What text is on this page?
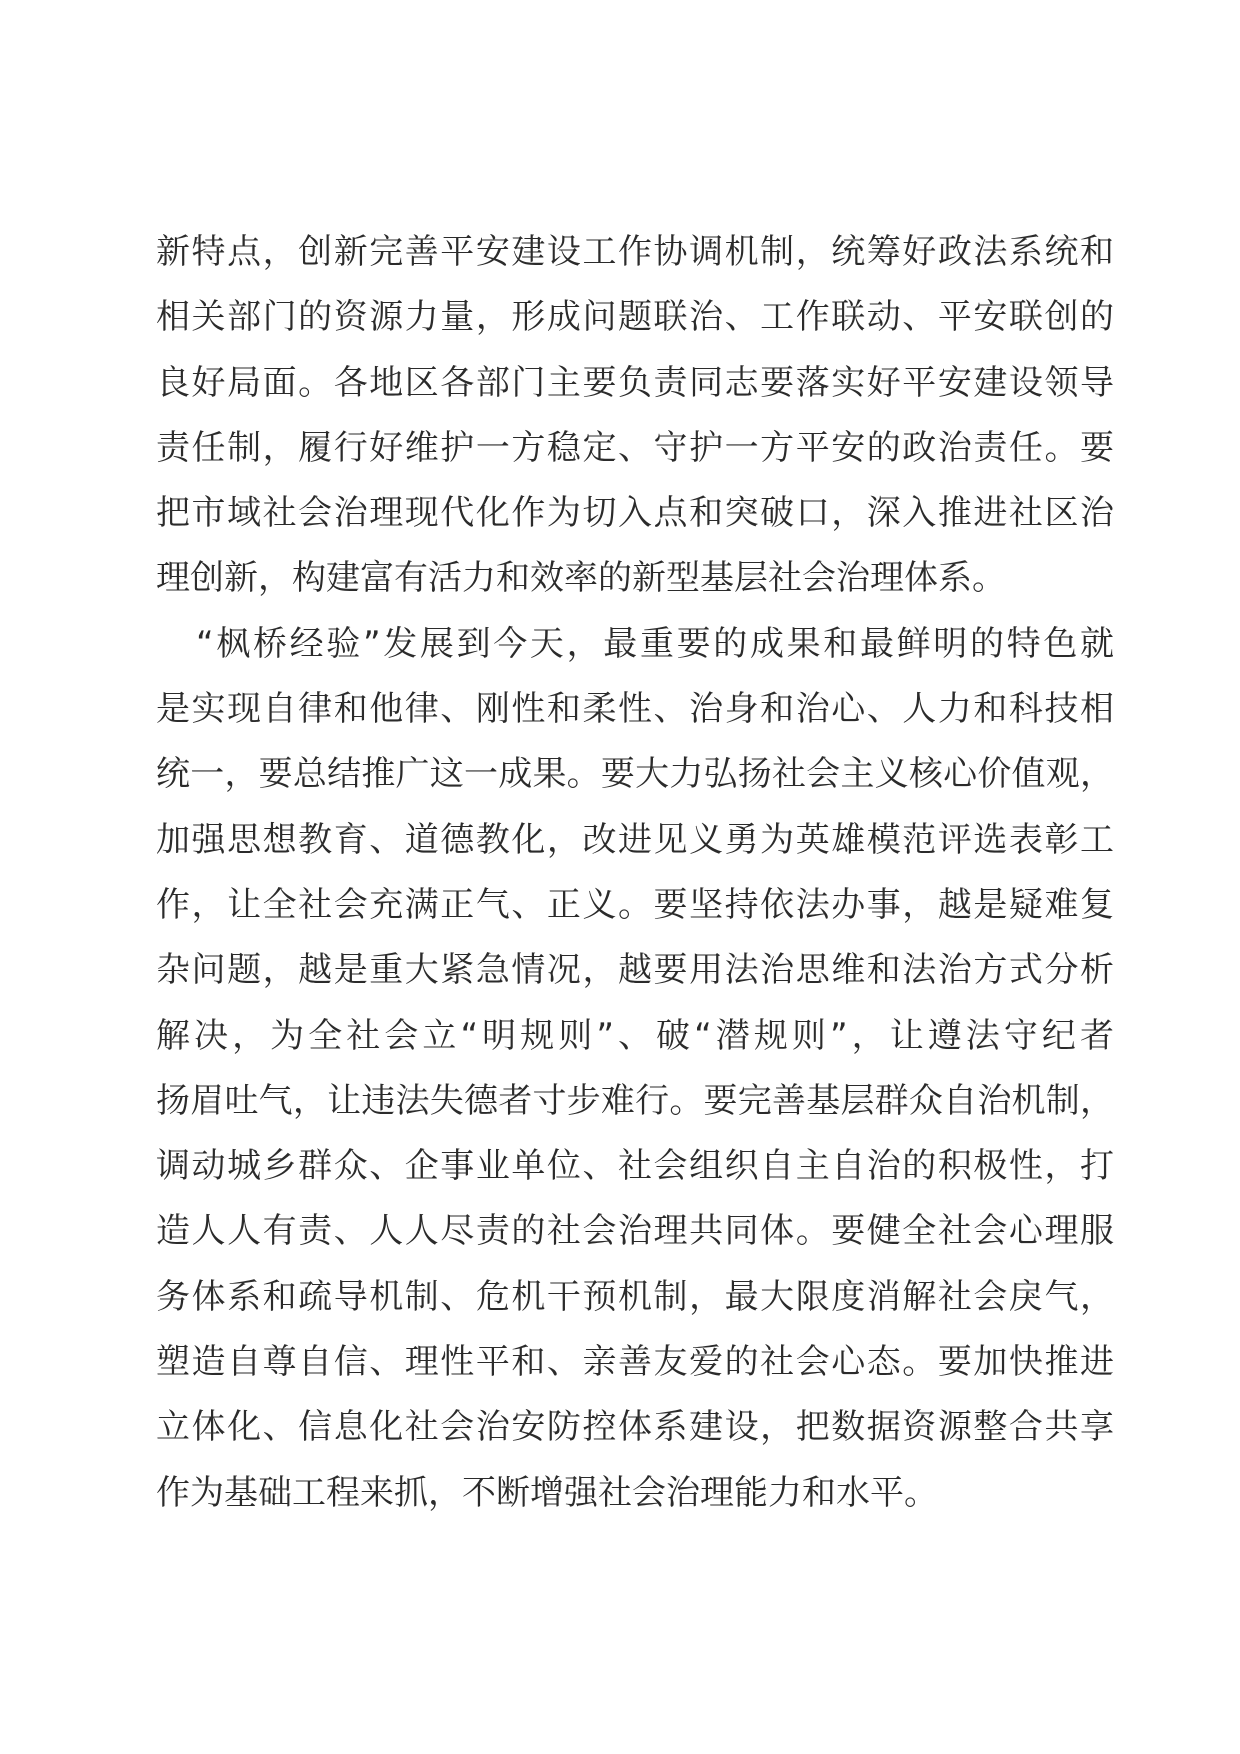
新特点，创新完善平安建设工作协调机制，统筹好政法系统和
相关部门的资源力量，形成问题联治、工作联动、平安联创的
良好局面。各地区各部门主要负责同志要落实好平安建设领导
责任制，履行好维护一方稳定、守护一方平安的政治责任。要
把市域社会治理现代化作为切入点和突破口，深入推进社区治
理创新，构建富有活力和效率的新型基层社会治理体系。

“枫桥经验”发展到今天，最重要的成果和最鲜明的特色就
是实现自律和他律、刚性和柔性、治身和治心、人力和科技相
统一，要总结推广这一成果。要大力弘扬社会主义核心价值观，
加强思想教育、道德教化，改进见义勇为英雄模范评选表彰工
作，让全社会充满正气、正义。要坚持依法办事，越是疑难复
杂问题，越是重大紧急情况，越要用法治思维和法治方式分析
解决，为全社会立“明规则”、破“潜规则”，让遵法守纪者
扬眉吐气，让违法失德者寸步难行。要完善基层群众自治机制，
调动城乡群众、企事业单位、社会组织自主自治的积极性，打
造人人有责、人人尽责的社会治理共同体。要健全社会心理服
务体系和疏导机制、危机干预机制，最大限度消解社会戾气，
塑造自尊自信、理性平和、亲善友爱的社会心态。要加快推进
立体化、信息化社会治安防控体系建设，把数据资源整合共享
作为基础工程来抓，不断增强社会治理能力和水平。
